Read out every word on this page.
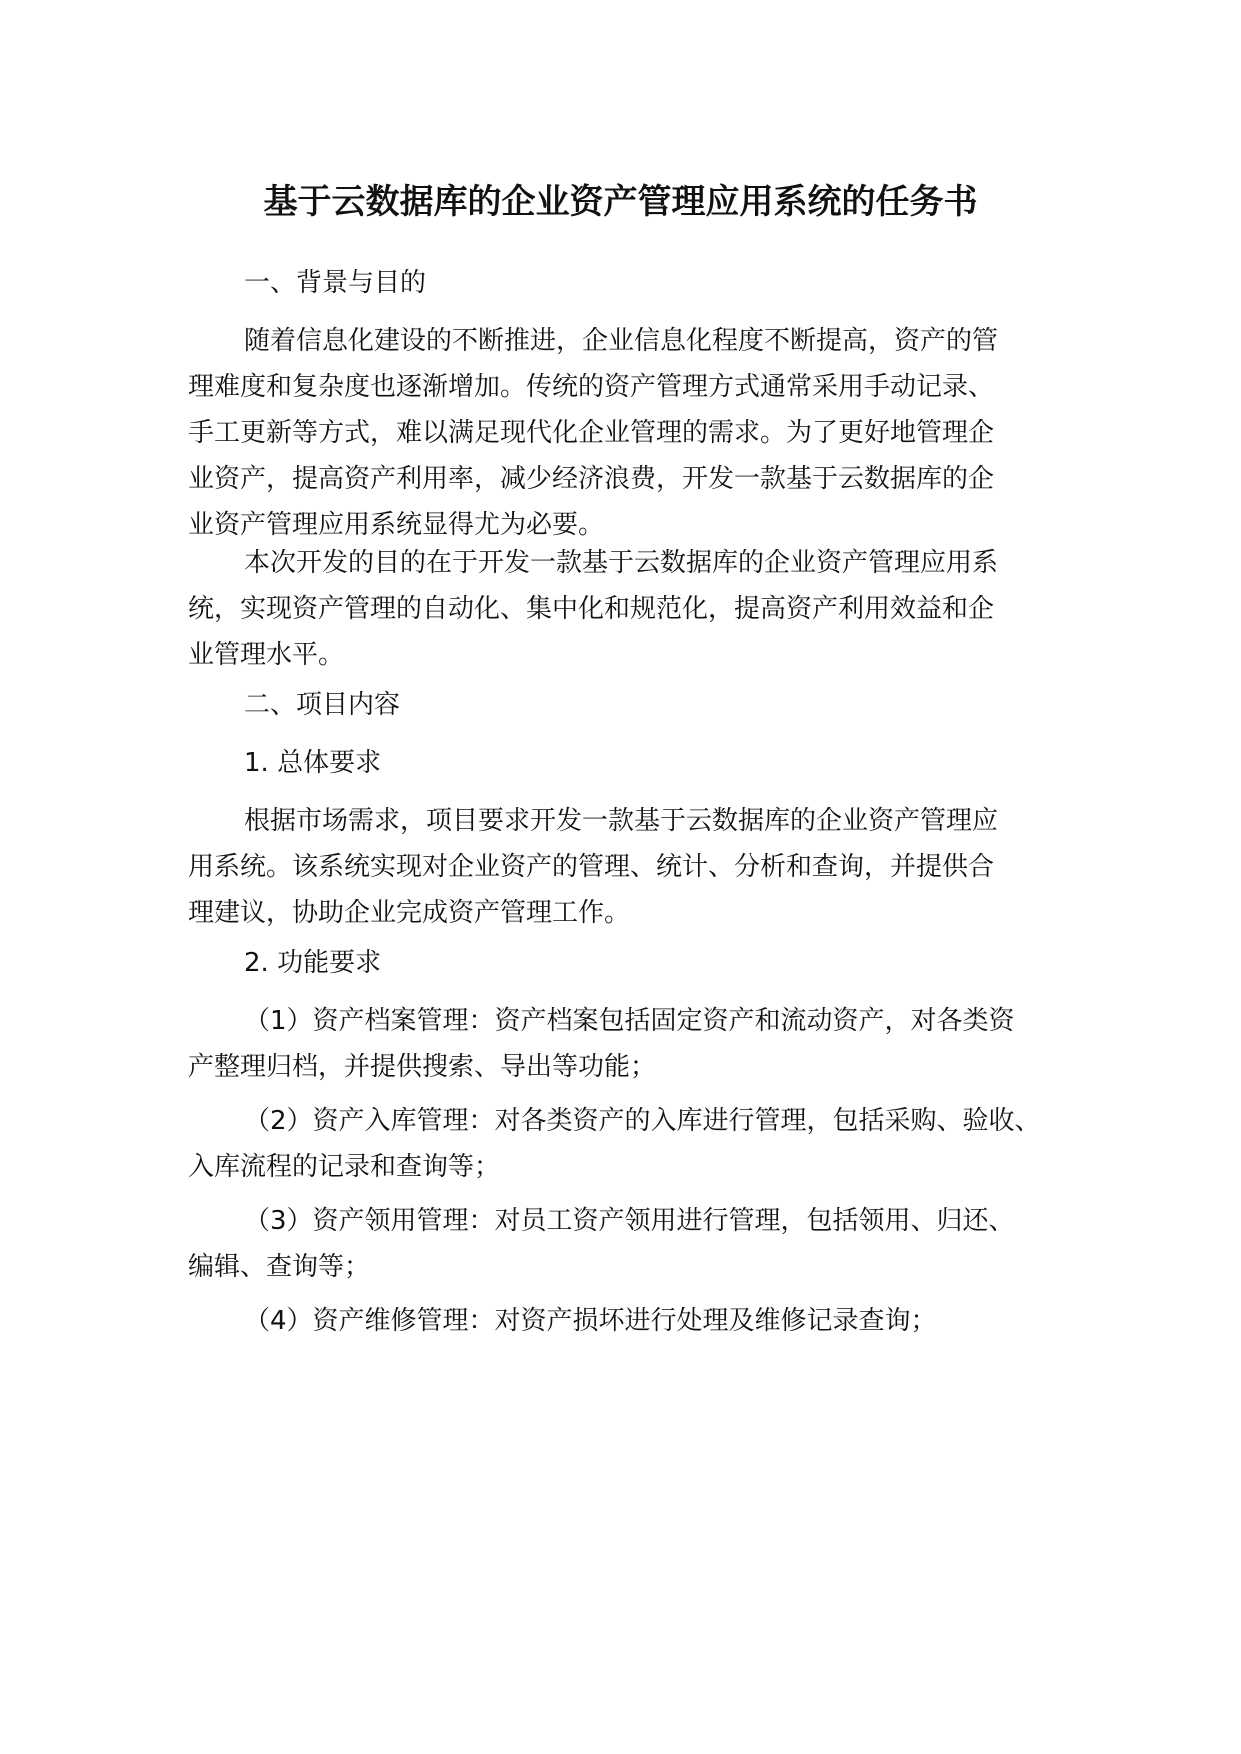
基于云数据库的企业资产管理应用系统的任务书

一、背景与目的

随着信息化建设的不断推进，企业信息化程度不断提高，资产的管
理难度和复杂度也逐渐增加。传统的资产管理方式通常采用手动记录、
手工更新等方式，难以满足现代化企业管理的需求。为了更好地管理企
业资产，提高资产利用率，减少经济浪费，开发一款基于云数据库的企
业资产管理应用系统显得尤为必要。

本次开发的目的在于开发一款基于云数据库的企业资产管理应用系
统，实现资产管理的自动化、集中化和规范化，提高资产利用效益和企
业管理水平。

二、项目内容

1. 总体要求

根据市场需求，项目要求开发一款基于云数据库的企业资产管理应
用系统。该系统实现对企业资产的管理、统计、分析和查询，并提供合
理建议，协助企业完成资产管理工作。

2. 功能要求

（1）资产档案管理：资产档案包括固定资产和流动资产，对各类资
产整理归档，并提供搜索、导出等功能；

（2）资产入库管理：对各类资产的入库进行管理，包括采购、验收、
入库流程的记录和查询等；

（3）资产领用管理：对员工资产领用进行管理，包括领用、归还、
编辑、查询等；

（4）资产维修管理：对资产损坏进行处理及维修记录查询；
